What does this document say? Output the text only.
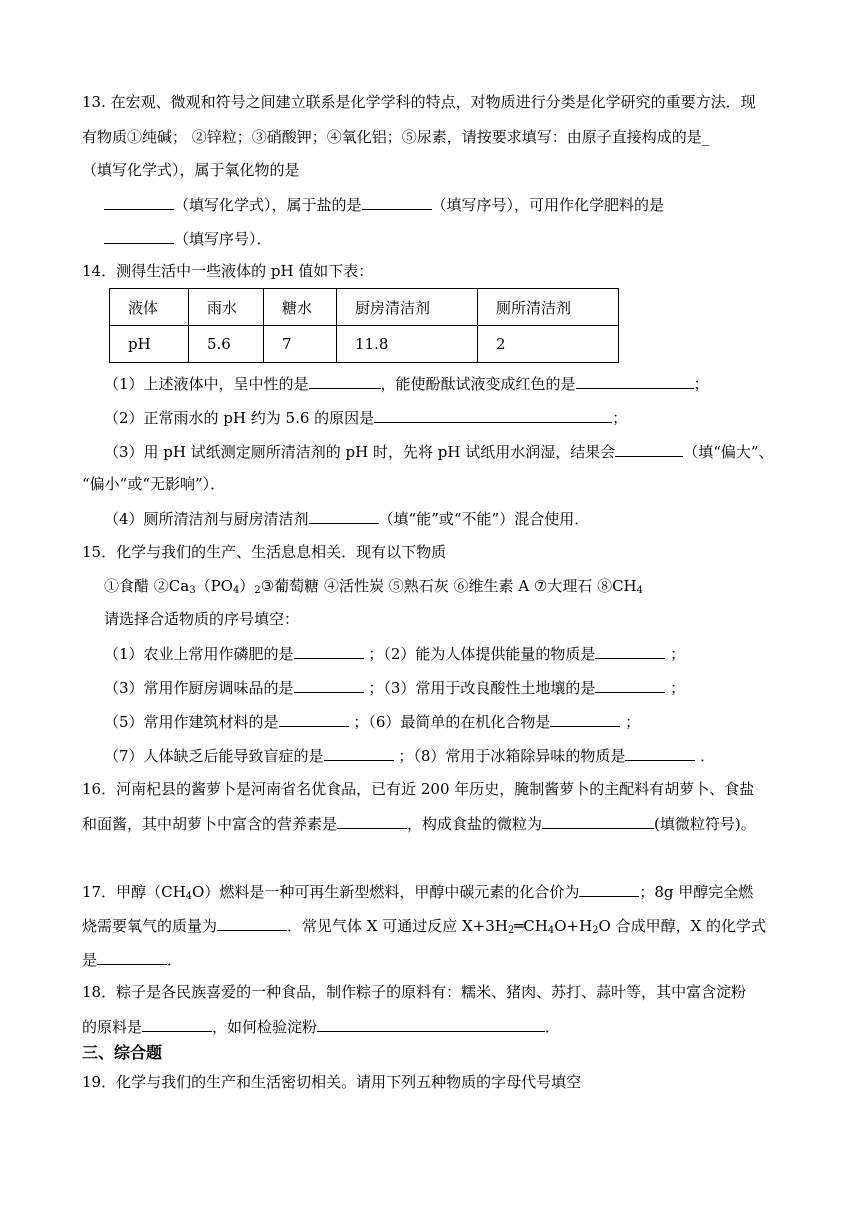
13. 在宏观、微观和符号之间建立联系是化学学科的特点，对物质进行分类是化学研究的重要方法．现
有物质①纯碱； ②锌粒；③硝酸钾；④氧化铝；⑤尿素，请按要求填写：由原子直接构成的是_
（填写化学式），属于氧化物的是
（填写化学式），属于盐的是	（填写序号），可用作化学肥料的是
（填写序号）．
14．测得生活中一些液体的 pH 值如下表：
液体	雨水	糖水	厨房清洁剂	厕所清洁剂
pH	5.6	7	11.8	2
（1）上述液体中，呈中性的是	，能使酚酞试液变成红色的是	；
（2）正常雨水的 pH 约为 5.6 的原因是	；
（3）用 pH 试纸测定厕所清洁剂的 pH 时，先将 pH 试纸用水润湿，结果会	（填“偏大”、
“偏小”或“无影响”）．
（4）厕所清洁剂与厨房清洁剂	（填“能”或“不能”）混合使用．
15．化学与我们的生产、生活息息相关．现有以下物质
①食醋 $②Ca_3(PO_4)_2③$葡萄糖 ④活性炭 ⑤熟石灰 ⑥维生素 A ⑦大理石 $⑧CH_4$
请选择合适物质的序号填空：
（1）农业上常用作磷肥的是	；（2）能为人体提供能量的物质是	；
（3）常用作厨房调味品的是	；（3）常用于改良酸性土地壤的是	；
（5）常用作建筑材料的是	；（6）最简单的在机化合物是	；
（7）人体缺乏后能导致盲症的是	；（8）常用于冰箱除异味的物质是	．
16．河南杞县的酱萝卜是河南省名优食品，已有近 200 年历史，腌制酱萝卜的主配料有胡萝卜、食盐
和面酱，其中胡萝卜中富含的营养素是	，构成食盐的微粒为	(填微粒符号)。
17．甲醇$(CH_4O)$燃料是一种可再生新型燃料，甲醇中碳元素的化合价为	；8g 甲醇完全燃
烧需要氧气的质量为	．常见气体 X 可通过反应 $X+3H_2═CH_4O+H_2O$ 合成甲醇，X 的化学式
是	．
18．粽子是各民族喜爱的一种食品，制作粽子的原料有：糯米、猪肉、苏打、蒜叶等，其中富含淀粉
的原料是	，如何检验淀粉	．
三、综合题
19．化学与我们的生产和生活密切相关。请用下列五种物质的字母代号填空
